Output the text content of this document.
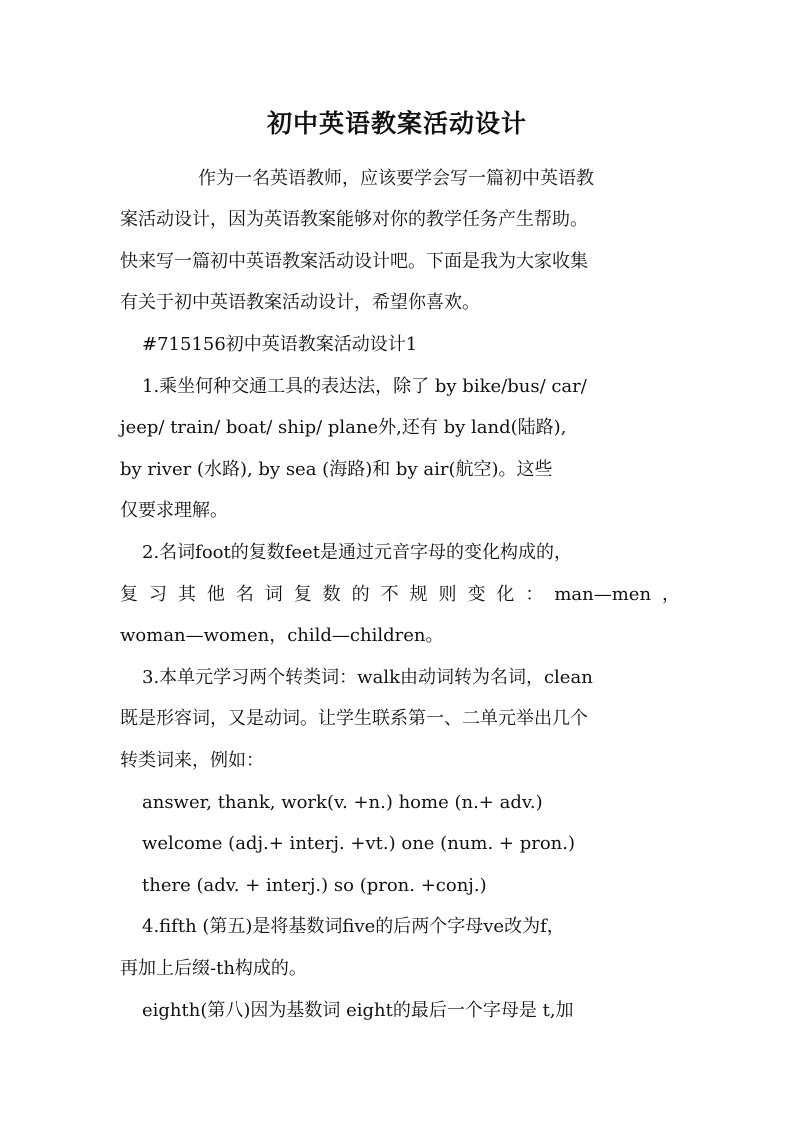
初中英语教案活动设计
作为一名英语教师，应该要学会写一篇初中英语教
案活动设计，因为英语教案能够对你的教学任务产生帮助。
快来写一篇初中英语教案活动设计吧。下面是我为大家收集
有关于初中英语教案活动设计，希望你喜欢。
#715156初中英语教案活动设计1
1.乘坐何种交通工具的表达法，除了 by bike/bus/ car/
jeep/ train/ boat/ ship/ plane外,还有 by land(陆路),
by river (水路), by sea (海路)和 by air(航空)。这些
仅要求理解。
2.名词foot的复数feet是通过元音字母的变化构成的，
复习其他名词复数的不规则变化：man—men，
woman—women，child—children。
3.本单元学习两个转类词：walk由动词转为名词，clean
既是形容词，又是动词。让学生联系第一、二单元举出几个
转类词来，例如：
answer, thank, work(v. +n.) home (n.+ adv.)
welcome (adj.+ interj. +vt.) one (num. + pron.)
there (adv. + interj.) so (pron. +conj.)
4.fifth (第五)是将基数词five的后两个字母ve改为f，
再加上后缀-th构成的。
eighth(第八)因为基数词 eight的最后一个字母是 t,加
